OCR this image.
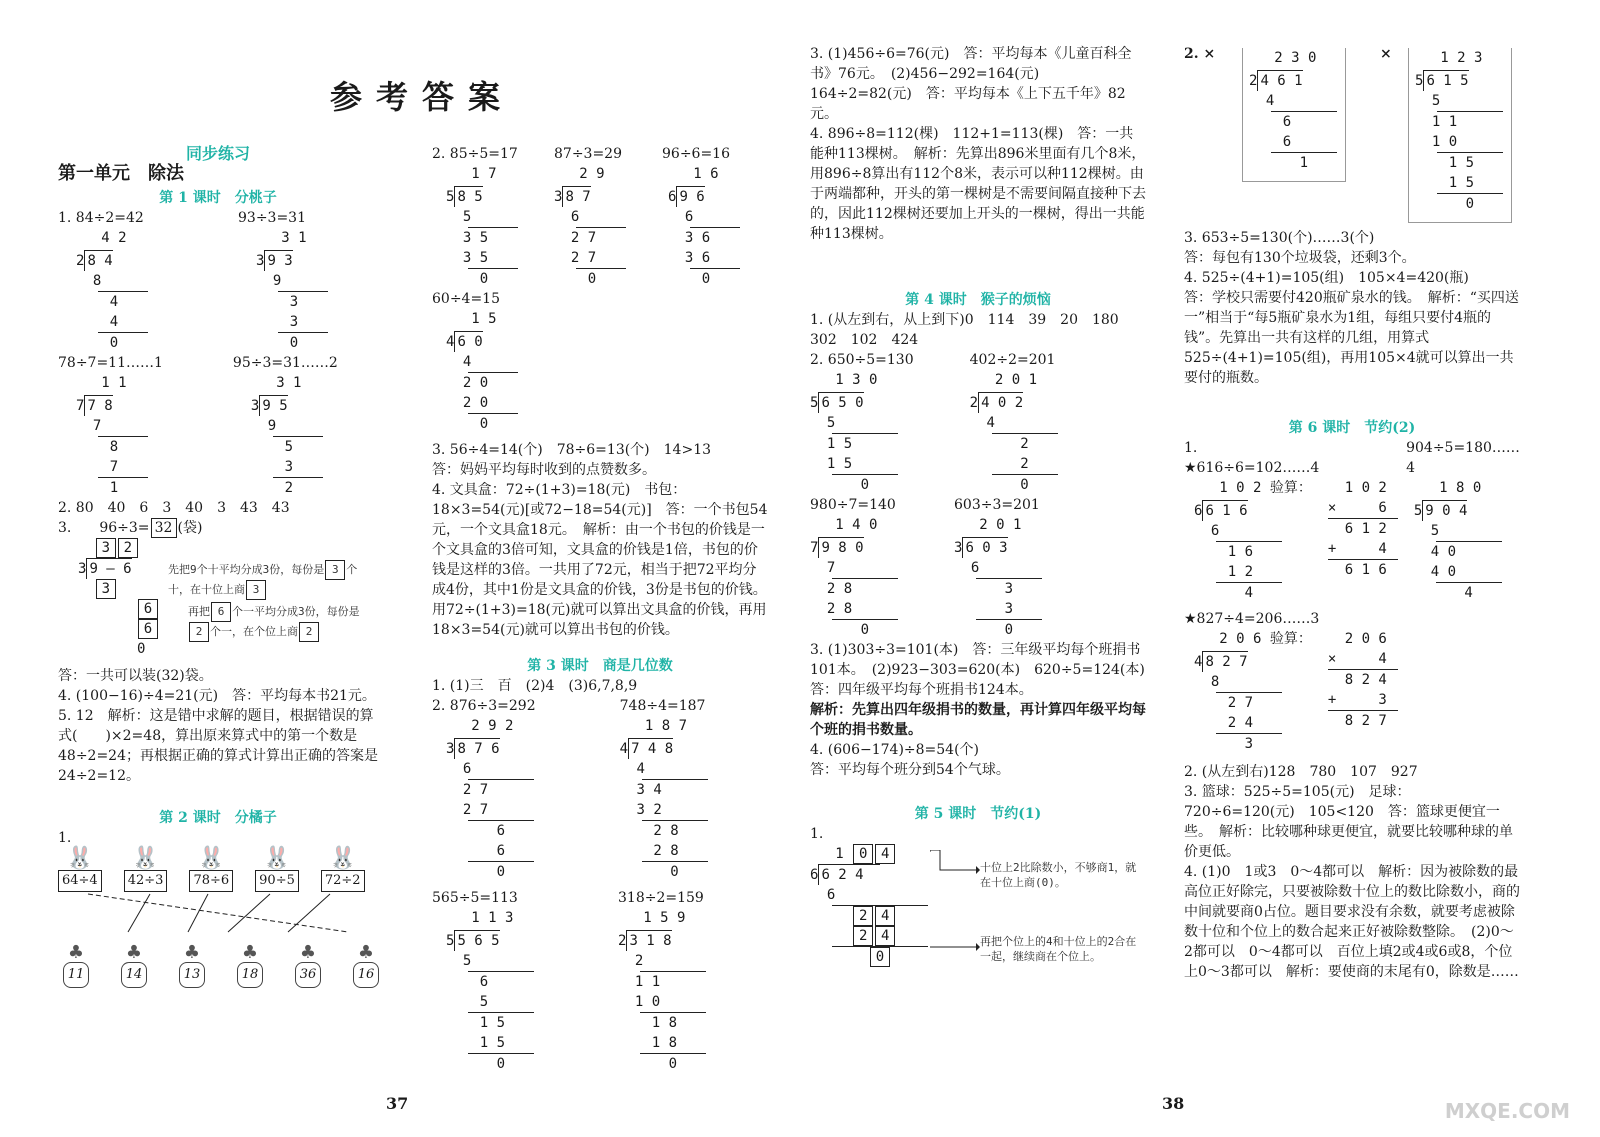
参考答案

同步练习

第一单元　除法

第 1 课时　分桃子

1. 84÷2=42

4 2
2 8 4
8
4
4
0

93÷3=31

3 1
3 9 3
9
3
3
0

78÷7=11……1

1 1
7 7 8
7
8
7
1

95÷3=31……2

3 1
3 9 5
9
5
3
2

2. 80　40　6　3　40　3　43　43

3.　　 96÷3= 32 (袋)

3 2
3 9 — 6
3
6
6
0
先把9个十平均分成3份，每份是 3 个十，在十位上商 3
再把 6 个一平均分成3份，每份是2 个一，在个位上商 2

答：一共可以装(32)袋。

4. (100−16)÷4=21(元)　答：平均每本书21元。

5. 12　解析：这是错中求解的题目，根据错误的算式(　　)×2=48，算出原来算式中的第一个数是48÷2=24；再根据正确的算式计算出正确的答案是24÷2=12。

第 2 课时　分橘子

1.

🐰
64÷4
🐰
42÷3
🐰
78÷6
🐰
90÷5
🐰
72÷2
♣
11
♣
14
♣
13
♣
18
♣
36
♣
16

2. 85÷5=17

1 7
5 8 5
5
3 5
3 5
0

87÷3=29

2 9
3 8 7
6
2 7
2 7
0

96÷6=16

1 6
6 9 6
6
3 6
3 6
0

60÷4=15

1 5
4 6 0
4
2 0
2 0
0

3. 56÷4=14(个)　78÷6=13(个)　14>13

答：妈妈平均每时收到的点赞数多。

4. 文具盒：72÷(1+3)=18(元)　书包：18×3=54(元)[或72−18=54(元)]　答：一个书包54元，一个文具盒18元。　解析：由一个书包的价钱是一个文具盒的3倍可知，文具盒的价钱是1倍，书包的价钱是这样的3倍。一共用了72元，相当于把72平均分成4份，其中1份是文具盒的价钱，3份是书包的价钱。用72÷(1+3)=18(元)就可以算出文具盒的价钱，再用18×3=54(元)就可以算出书包的价钱。

第 3 课时　商是几位数

1. (1)三　百　(2)4　(3)6,7,8,9

2. 876÷3=292

2 9 2
3 8 7 6
6
2 7
2 7
6
6
0

748÷4=187

1 8 7
4 7 4 8
4
3 4
3 2
2 8
2 8
0

565÷5=113

1 1 3
5 5 6 5
5
6
5
1 5
1 5
0

318÷2=159

1 5 9
2 3 1 8
2
1 1
1 0
1 8
1 8
0
37

3. (1)456÷6=76(元)　答：平均每本《儿童百科全书》76元。　(2)456−292=164(元)　164÷2=82(元)　答：平均每本《上下五千年》82元。

4. 896÷8=112(棵)　112+1=113(棵)　答：一共能种113棵树。　解析：先算出896米里面有几个8米，用896÷8算出有112个8米，表示可以种112棵树。由于两端都种，开头的第一棵树是不需要间隔直接种下去的，因此112棵树还要加上开头的一棵树，得出一共能种113棵树。

第 4 课时　猴子的烦恼

1. (从左到右，从上到下)0　114　39　20　180　302　102　424

2. 650÷5=130

1 3 0
5 6 5 0
5
1 5
1 5
0

402÷2=201

2 0 1
2 4 0 2
4
2
2
0

980÷7=140

1 4 0
7 9 8 0
7
2 8
2 8
0

603÷3=201

2 0 1
3 6 0 3
6
3
3
0

3. (1)303÷3=101(本)　答：三年级平均每个班捐书101本。　(2)923−303=620(本)　620÷5=124(本)　答：四年级平均每个班捐书124本。

解析：先算出四年级捐书的数量，再计算四年级平均每个班的捐书数量。

4. (606−174)÷8=54(个)

答：平均每个班分到54个气球。

第 5 课时　节约(1)

1.

1 0 4
6 6 2 4
6
2 4
2 4
0
十位上2比除数小，不够商1，就在十位上商(0)。
再把个位上的4和十位上的2合在一起，继续商在个位上。

2. × 2 3 0
2 4 6 1
4
6
6
1
× 1 2 3
5 6 1 5
5
1 1
1 0
1 5
1 5
0

3. 653÷5=130(个)……3(个)

答：每包有130个垃圾袋，还剩3个。

4. 525÷(4+1)=105(组)　105×4=420(瓶)

答：学校只需要付420瓶矿泉水的钱。　解析：“买四送一”相当于“每5瓶矿泉水为1组，每组只要付4瓶的钱”。先算出一共有这样的几组，用算式525÷(4+1)=105(组)，再用105×4就可以算出一共要付的瓶数。

第 6 课时　节约(2)

1. ★616÷6=102……4

904÷5=180……4

1 0 2 验算：
6 6 1 6
6
1 6
1 2
4
1 0 2
×     6
6 1 2
+     4
6 1 6
1 8 0
5 9 0 4
5
4 0
4 0
4

★827÷4=206……3

2 0 6 验算：
4 8 2 7
8
2 7
2 4
3
2 0 6
×     4
8 2 4
+     3
8 2 7

2. (从左到右)128　780　107　927

3. 篮球：525÷5=105(元)　足球：720÷6=120(元)　105<120　答：篮球更便宜一些。　解析：比较哪种球更便宜，就要比较哪种球的单价更低。

4. (1)0　1或3　0～4都可以　解析：因为被除数的最高位正好除完，只要被除数十位上的数比除数小，商的中间就要商0占位。题目要求没有余数，就要考虑被除数十位和个位上的数合起来正好被除数整除。　(2)0～2都可以　0～4都可以　百位上填2或4或6或8，个位上0～3都可以　解析：要使商的末尾有0，除数是……

38	MXQE.COM
